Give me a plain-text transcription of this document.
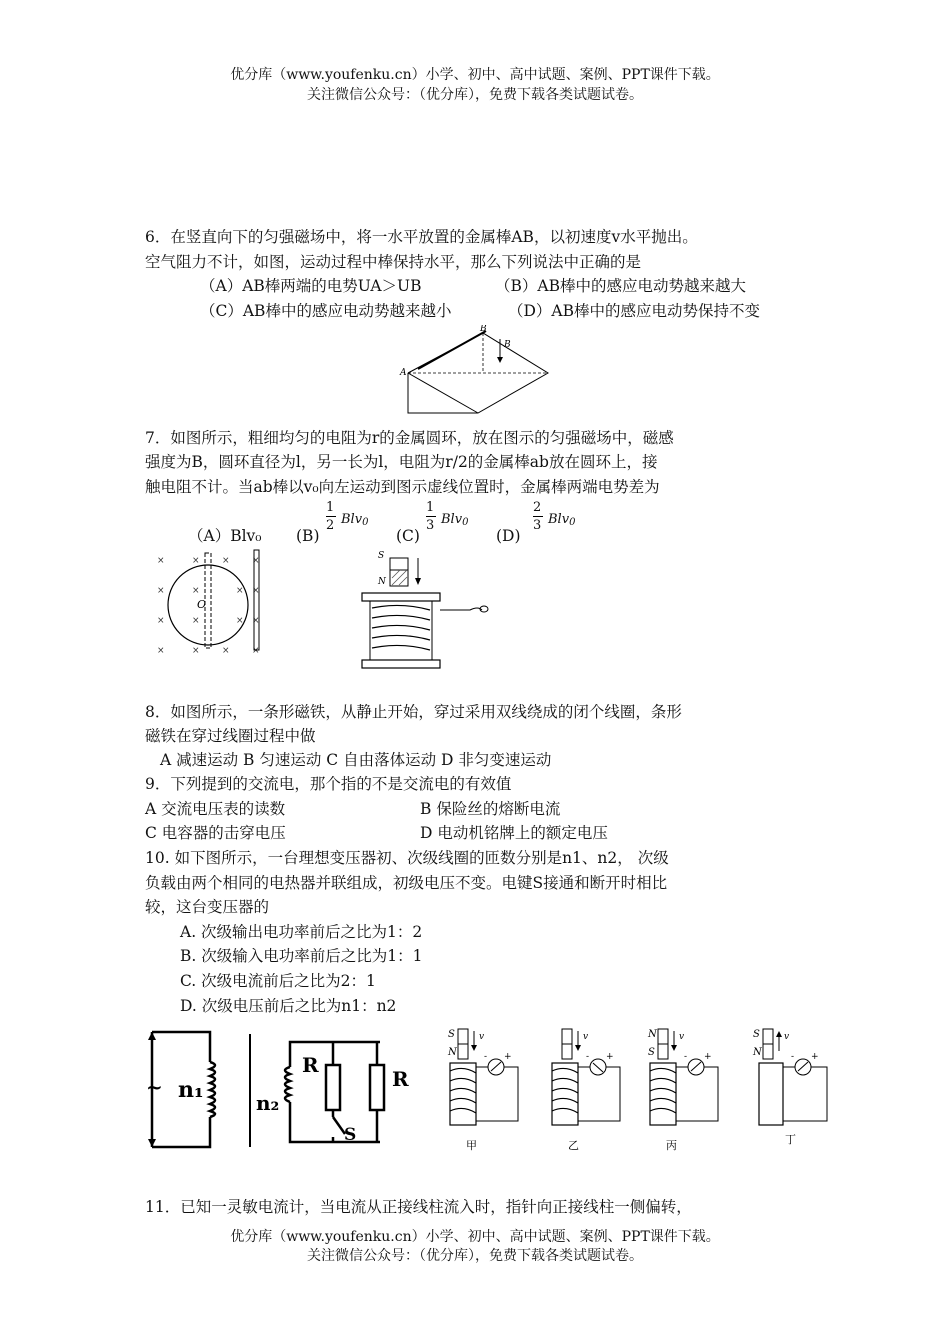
优分库（www.youfenku.cn）小学、初中、高中试题、案例、PPT课件下载。
关注微信公众号：（优分库），免费下载各类试题试卷。
6．在竖直向下的匀强磁场中，将一水平放置的金属棒AB，以初速度v水平抛出。
空气阻力不计，如图，运动过程中棒保持水平，那么下列说法中正确的是
（A）AB棒两端的电势UA＞UB	（B）AB棒中的感应电动势越来越大
（C）AB棒中的感应电动势越来越小	（D）AB棒中的感应电动势保持不变
A
B
B
7．如图所示，粗细均匀的电阻为r的金属圆环，放在图示的匀强磁场中，磁感
强度为B，圆环直径为l，另一长为l，电阻为r/2的金属棒ab放在圆环上，接
触电阻不计。当ab棒以v₀向左运动到图示虚线位置时，金属棒两端电势差为
（A）Blv₀ (B)
1
2 Blv$_0$
(C)
1
3 Blv$_0$
(D)
2
3 Blv$_0$
×	× × ×
×	×	× ×
×	×	× ×
×	× × ×
O
S
N
8．如图所示，一条形磁铁，从静止开始，穿过采用双线绕成的闭个线圈，条形
磁铁在穿过线圈过程中做
A 减速运动 B 匀速运动 C 自由落体运动 D 非匀变速运动
9．下列提到的交流电，那个指的不是交流电的有效值
A 交流电压表的读数	B 保险丝的熔断电流
C 电容器的击穿电压	D 电动机铭牌上的额定电压
10. 如下图所示，一台理想变压器初、次级线圈的匝数分别是n1、n2， 次级
负载由两个相同的电热器并联组成，初级电压不变。电键S接通和断开时相比
较，这台变压器的
A. 次级输出电功率前后之比为1：2
B. 次级输入电功率前后之比为1：1
C. 次级电流前后之比为2：1
D. 次级电压前后之比为n1：n2
~ n₁	n₂
R
R
S
S
N
v
- +
甲
v
- +
乙
N
S
v
- +
丙
S
N
v
- +
丁
11．已知一灵敏电流计，当电流从正接线柱流入时，指针向正接线柱一侧偏转，
优分库（www.youfenku.cn）小学、初中、高中试题、案例、PPT课件下载。
关注微信公众号：（优分库），免费下载各类试题试卷。
